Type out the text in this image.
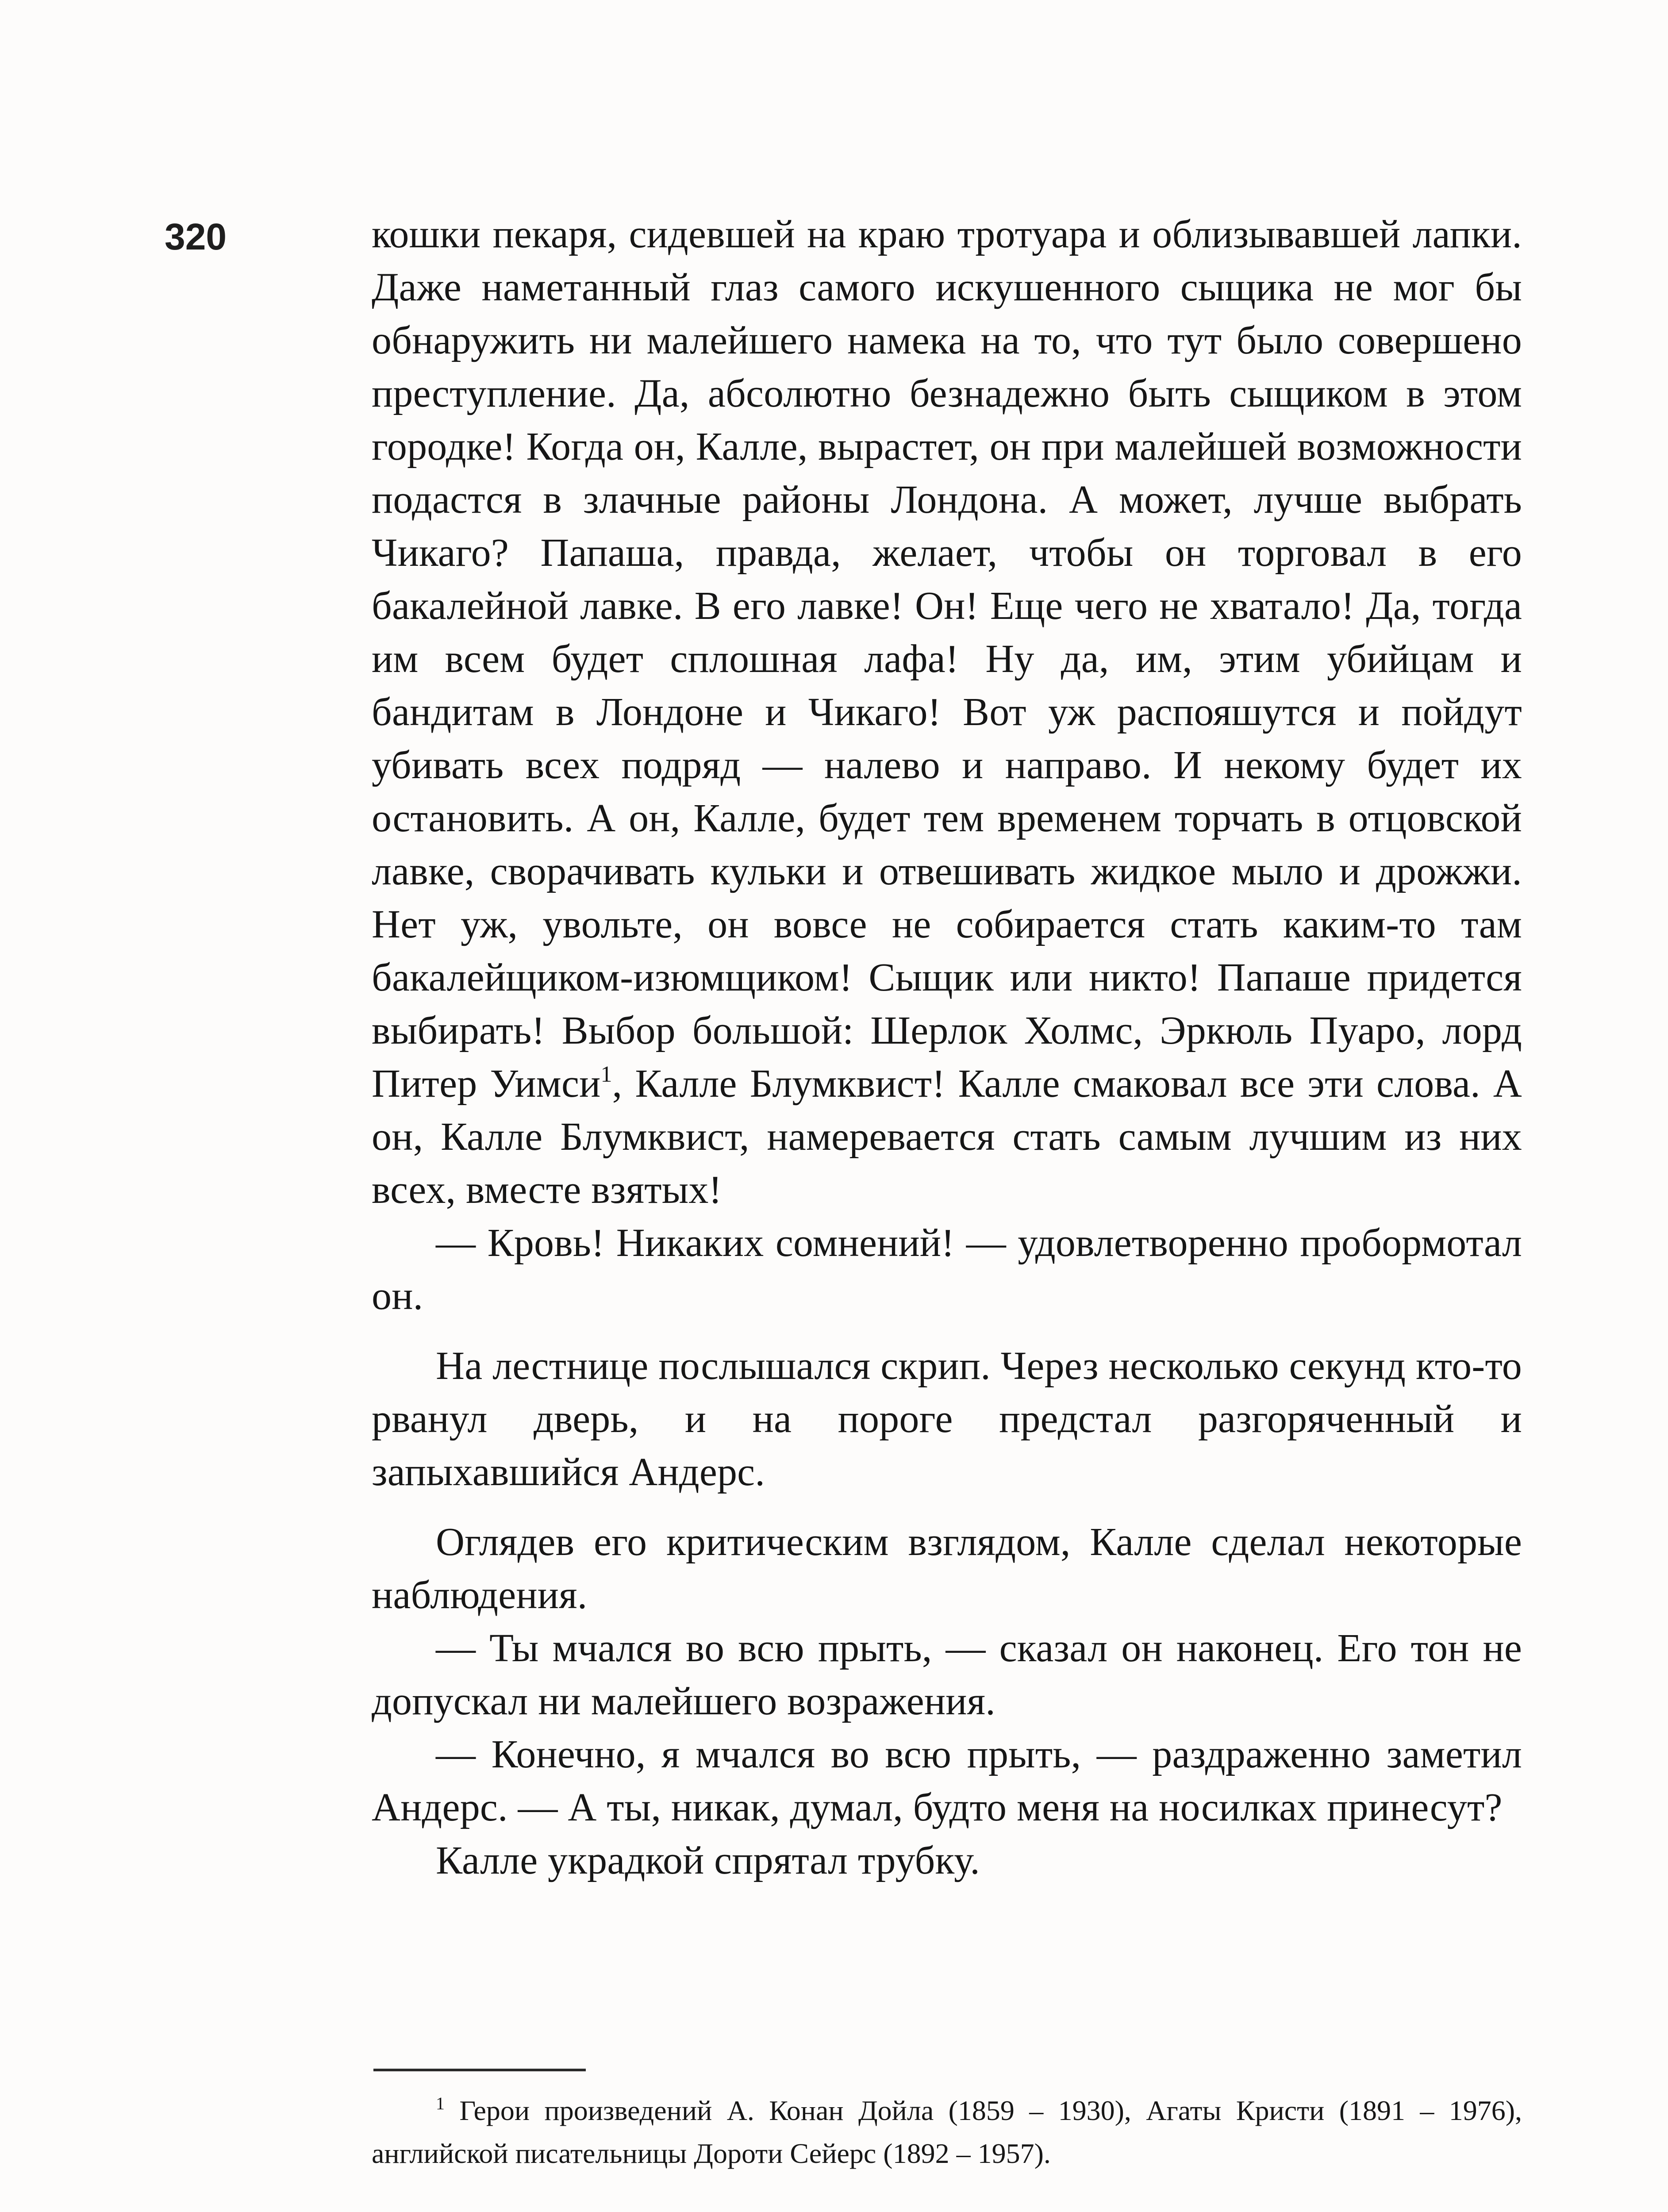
320	кошки пекаря, сидевшей на краю тротуара и облизывавшей лапки. Даже наметанный глаз самого искушенного сыщика не мог бы обнаружить ни малейшего намека на то, что тут было совершено преступление. Да, абсолютно безнадежно быть сыщиком в этом городке! Когда он, Калле, вырастет, он при малейшей возможности подастся в злачные районы Лондона. А может, лучше выбрать Чикаго? Папаша, правда, желает, чтобы он торговал в его бакалейной лавке. В его лавке! Он! Еще чего не хватало! Да, тогда им всем будет сплошная лафа! Ну да, им, этим убийцам и бандитам в Лондоне и Чикаго! Вот уж распояшутся и пойдут убивать всех подряд — налево и направо. И некому будет их остановить. А он, Калле, будет тем временем торчать в отцовской лавке, сворачивать кульки и отвешивать жидкое мыло и дрожжи. Нет уж, увольте, он вовсе не собирается стать каким-то там бакалейщиком-изюмщиком! Сыщик или никто! Папаше придется выбирать! Выбор большой: Шерлок Холмс, Эркюль Пуаро, лорд Питер Уимси$^1$, Калле Блумквист! Калле смаковал все эти слова. А он, Калле Блумквист, намеревается стать самым лучшим из них всех, вместе взятых!

— Кровь! Никаких сомнений! — удовлетворенно пробормотал он.

На лестнице послышался скрип. Через несколько секунд кто-то рванул дверь, и на пороге предстал разгоряченный и запыхавшийся Андерс.

Оглядев его критическим взглядом, Калле сделал некоторые наблюдения.

— Ты мчался во всю прыть, — сказал он наконец. Его тон не допускал ни малейшего возражения.

— Конечно, я мчался во всю прыть, — раздраженно заметил Андерс. — А ты, никак, думал, будто меня на носилках принесут?

Калле украдкой спрятал трубку.

$^1$ Герои произведений А. Конан Дойла (1859 – 1930), Агаты Кристи (1891 – 1976), английской писательницы Дороти Сейерс (1892 – 1957).
